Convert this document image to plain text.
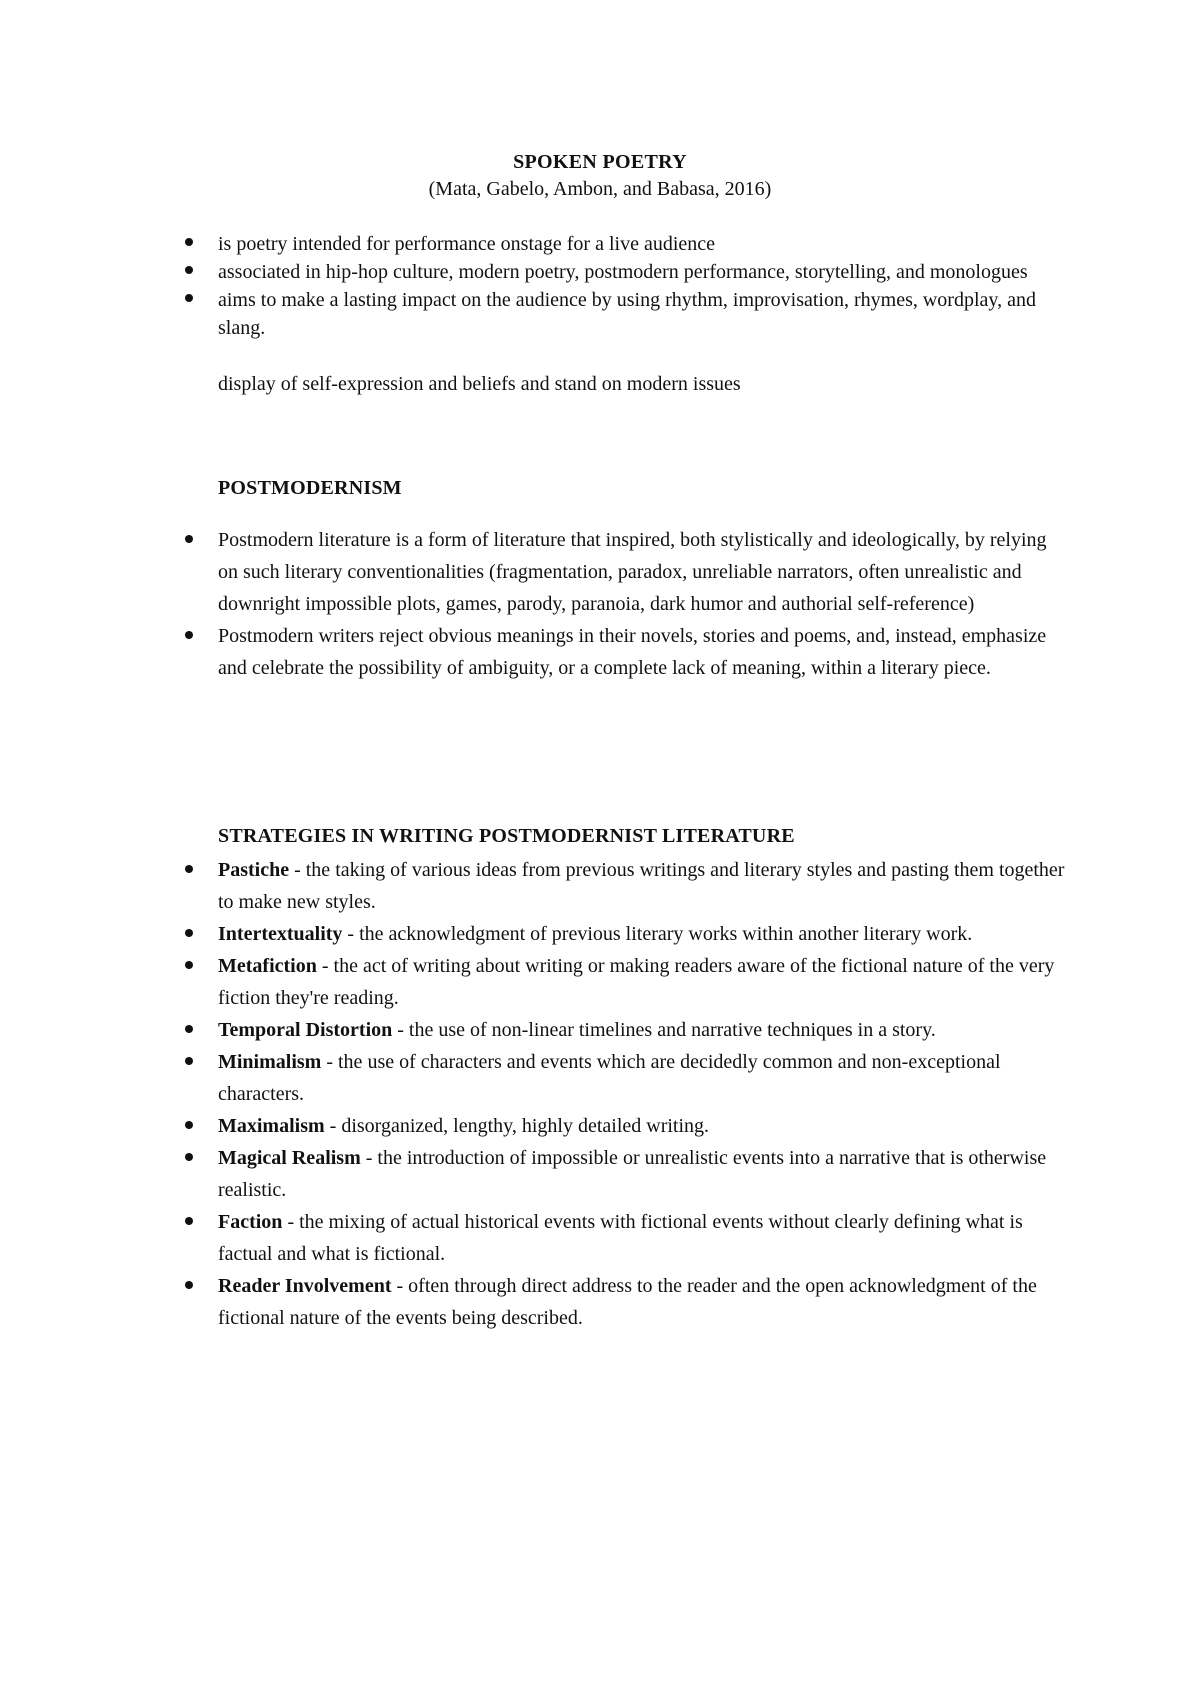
SPOKEN POETRY
(Mata, Gabelo, Ambon, and Babasa, 2016)
is poetry intended for performance onstage for a live audience
associated in hip-hop culture, modern poetry, postmodern performance, storytelling, and monologues
aims to make a lasting impact on the audience by using rhythm, improvisation, rhymes, wordplay, and slang.
display of self-expression and beliefs and stand on modern issues
POSTMODERNISM
Postmodern literature is a form of literature that inspired, both stylistically and ideologically, by relying on such literary conventionalities (fragmentation, paradox, unreliable narrators, often unrealistic and downright impossible plots, games, parody, paranoia, dark humor and authorial self-reference)
Postmodern writers reject obvious meanings in their novels, stories and poems, and, instead, emphasize and celebrate the possibility of ambiguity, or a complete lack of meaning, within a literary piece.
STRATEGIES IN WRITING POSTMODERNIST LITERATURE
Pastiche - the taking of various ideas from previous writings and literary styles and pasting them together to make new styles.
Intertextuality - the acknowledgment of previous literary works within another literary work.
Metafiction - the act of writing about writing or making readers aware of the fictional nature of the very fiction they're reading.
Temporal Distortion - the use of non-linear timelines and narrative techniques in a story.
Minimalism - the use of characters and events which are decidedly common and non-exceptional characters.
Maximalism - disorganized, lengthy, highly detailed writing.
Magical Realism - the introduction of impossible or unrealistic events into a narrative that is otherwise realistic.
Faction - the mixing of actual historical events with fictional events without clearly defining what is factual and what is fictional.
Reader Involvement - often through direct address to the reader and the open acknowledgment of the fictional nature of the events being described.
